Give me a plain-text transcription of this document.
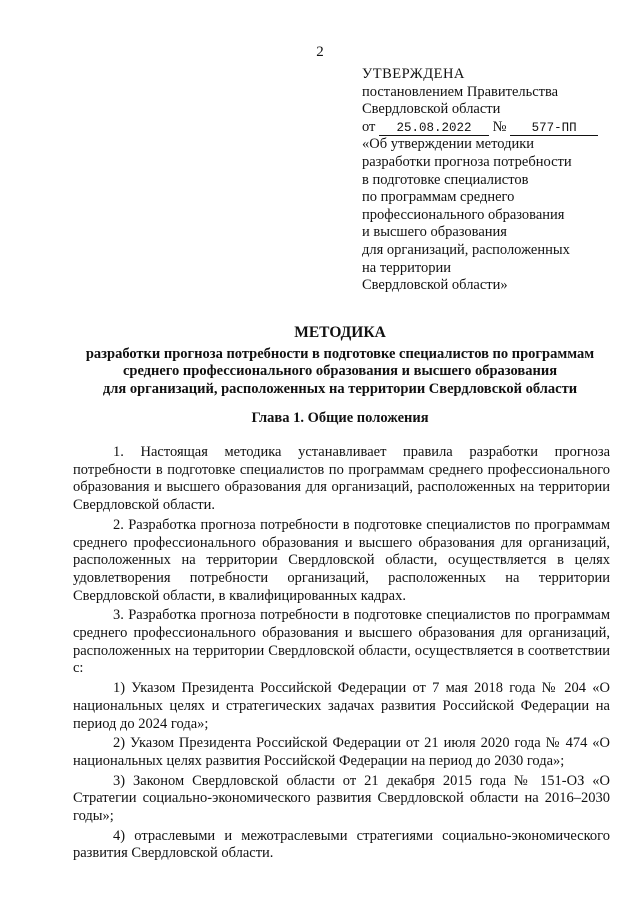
2
УТВЕРЖДЕНА
постановлением Правительства
Свердловской области
от 25.08.2022 № 577-ПП
«Об утверждении методики
разработки прогноза потребности
в подготовке специалистов
по программам среднего
профессионального образования
и высшего образования
для организаций, расположенных
на территории
Свердловской области»
МЕТОДИКА
разработки прогноза потребности в подготовке специалистов по программам
среднего профессионального образования и высшего образования
для организаций, расположенных на территории Свердловской области
Глава 1. Общие положения

1. Настоящая методика устанавливает правила разработки прогноза потребности в подготовке специалистов по программам среднего профессионального образования и высшего образования для организаций, расположенных на территории Свердловской области.

2. Разработка прогноза потребности в подготовке специалистов по программам среднего профессионального образования и высшего образования для организаций, расположенных на территории Свердловской области, осуществляется в целях удовлетворения потребности организаций, расположенных на территории Свердловской области, в квалифицированных кадрах.

3. Разработка прогноза потребности в подготовке специалистов по программам среднего профессионального образования и высшего образования для организаций, расположенных на территории Свердловской области, осуществляется в соответствии с:

1) Указом Президента Российской Федерации от 7 мая 2018 года № 204 «О национальных целях и стратегических задачах развития Российской Федерации на период до 2024 года»;

2) Указом Президента Российской Федерации от 21 июля 2020 года № 474 «О национальных целях развития Российской Федерации на период до 2030 года»;

3) Законом Свердловской области от 21 декабря 2015 года № 151-ОЗ «О Стратегии социально-экономического развития Свердловской области на 2016–2030 годы»;

4) отраслевыми и межотраслевыми стратегиями социально-экономического развития Свердловской области.
